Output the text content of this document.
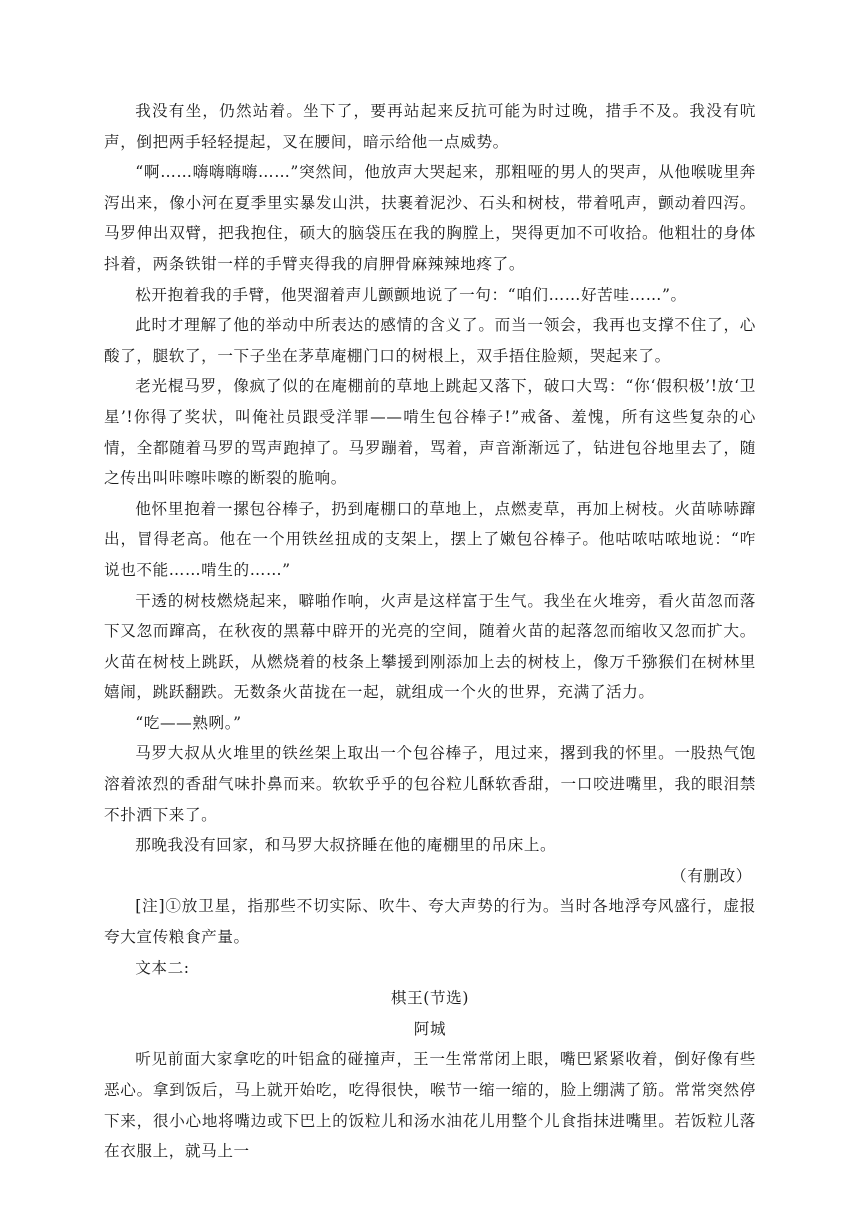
我没有坐，仍然站着。坐下了，要再站起来反抗可能为时过晚，措手不及。我没有吭声，倒把两手轻轻提起，叉在腰间，暗示给他一点威势。

“啊……嗨嗨嗨嗨……”突然间，他放声大哭起来，那粗哑的男人的哭声，从他喉咙里奔泻出来，像小河在夏季里实暴发山洪，扶裹着泥沙、石头和树枝，带着吼声，颤动着四泻。马罗伸出双臂，把我抱住，硕大的脑袋压在我的胸膛上，哭得更加不可收拾。他粗壮的身体抖着，两条铁钳一样的手臂夹得我的肩胛骨麻辣辣地疼了。

松开抱着我的手臂，他哭溜着声儿颤颤地说了一句：“咱们……好苦哇……”。

此时才理解了他的举动中所表达的感情的含义了。而当一领会，我再也支撑不住了，心酸了，腿软了，一下子坐在茅草庵棚门口的树根上，双手捂住脸颊，哭起来了。

老光棍马罗，像疯了似的在庵棚前的草地上跳起又落下，破口大骂：“你‘假积极’!放‘卫星’!你得了奖状，叫俺社员跟受洋罪——啃生包谷棒子!”戒备、羞愧，所有这些复杂的心情，全都随着马罗的骂声跑掉了。马罗蹦着，骂着，声音渐渐远了，钻进包谷地里去了，随之传出叫咔嚓咔嚓的断裂的脆响。

他怀里抱着一摞包谷棒子，扔到庵棚口的草地上，点燃麦草，再加上树枝。火苗哧哧蹿出，冒得老高。他在一个用铁丝扭成的支架上，摆上了嫩包谷棒子。他咕哝咕哝地说：“咋说也不能……啃生的……”

干透的树枝燃烧起来，噼啪作响，火声是这样富于生气。我坐在火堆旁，看火苗忽而落下又忽而蹿高，在秋夜的黑幕中辟开的光亮的空间，随着火苗的起落忽而缩收又忽而扩大。火苗在树枝上跳跃，从燃烧着的枝条上攀援到刚添加上去的树枝上，像万千猕猴们在树林里嬉闹，跳跃翻跌。无数条火苗拢在一起，就组成一个火的世界，充满了活力。

“吃——熟咧。”

马罗大叔从火堆里的铁丝架上取出一个包谷棒子，甩过来，撂到我的怀里。一股热气饱溶着浓烈的香甜气味扑鼻而来。软软乎乎的包谷粒儿酥软香甜，一口咬进嘴里，我的眼泪禁不扑洒下来了。

那晚我没有回家，和马罗大叔挤睡在他的庵棚里的吊床上。

（有删改）

[注]①放卫星，指那些不切实际、吹牛、夸大声势的行为。当时各地浮夸风盛行，虚报夸大宣传粮食产量。

文本二:

棋王(节选)

阿城

听见前面大家拿吃的叶铝盒的碰撞声，王一生常常闭上眼，嘴巴紧紧收着，倒好像有些恶心。拿到饭后，马上就开始吃，吃得很快，喉节一缩一缩的，脸上绷满了筋。常常突然停下来，很小心地将嘴边或下巴上的饭粒儿和汤水油花儿用整个儿食指抹进嘴里。若饭粒儿落在衣服上，就马上一
